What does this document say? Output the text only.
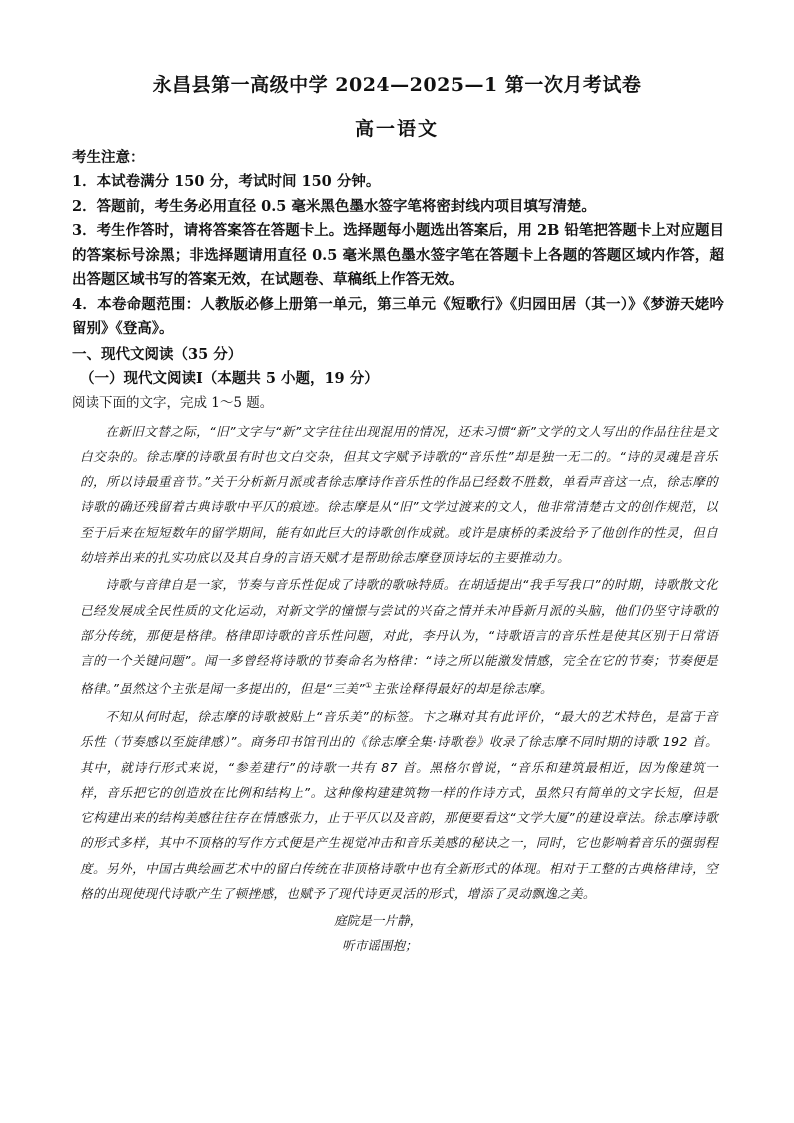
永昌县第一高级中学 2024—2025—1 第一次月考试卷
高一语文
考生注意：
1．本试卷满分 150 分，考试时间 150 分钟。
2．答题前，考生务必用直径 0.5 毫米黑色墨水签字笔将密封线内项目填写清楚。
3．考生作答时，请将答案答在答题卡上。选择题每小题选出答案后，用 2B 铅笔把答题卡上对应题目的答案标号涂黑；非选择题请用直径 0.5 毫米黑色墨水签字笔在答题卡上各题的答题区域内作答，超出答题区域书写的答案无效，在试题卷、草稿纸上作答无效。
4．本卷命题范围：人教版必修上册第一单元，第三单元《短歌行》《归园田居（其一）》《梦游天姥吟留别》《登高》。
一、现代文阅读（35 分）
（一）现代文阅读Ⅰ（本题共 5 小题，19 分）
阅读下面的文字，完成 1～5 题。

在新旧文替之际，“旧”文字与“新”文字往往出现混用的情况，还未习惯“新”文学的文人写出的作品往往是文白交杂的。徐志摩的诗歌虽有时也文白交杂，但其文字赋予诗歌的“音乐性”却是独一无二的。“诗的灵魂是音乐的，所以诗最重音节。”关于分析新月派或者徐志摩诗作音乐性的作品已经数不胜数，单看声音这一点，徐志摩的诗歌的确还残留着古典诗歌中平仄的痕迹。徐志摩是从“旧”文学过渡来的文人，他非常清楚古文的创作规范，以至于后来在短短数年的留学期间，能有如此巨大的诗歌创作成就。或许是康桥的柔波给予了他创作的性灵，但自幼培养出来的扎实功底以及其自身的言语天赋才是帮助徐志摩登顶诗坛的主要推动力。

诗歌与音律自是一家，节奏与音乐性促成了诗歌的歌咏特质。在胡适提出“我手写我口”的时期，诗歌散文化已经发展成全民性质的文化运动，对新文学的憧憬与尝试的兴奋之情并未冲昏新月派的头脑，他们仍坚守诗歌的部分传统，那便是格律。格律即诗歌的音乐性问题，对此，李丹认为，“诗歌语言的音乐性是使其区别于日常语言的一个关键问题”。闻一多曾经将诗歌的节奏命名为格律：“诗之所以能激发情感，完全在它的节奏；节奏便是格律。”虽然这个主张是闻一多提出的，但是“三美”①主张诠释得最好的却是徐志摩。

不知从何时起，徐志摩的诗歌被贴上“音乐美”的标签。卞之琳对其有此评价，“最大的艺术特色，是富于音乐性（节奏感以至旋律感）”。商务印书馆刊出的《徐志摩全集·诗歌卷》收录了徐志摩不同时期的诗歌 192 首。其中，就诗行形式来说，“参差建行”的诗歌一共有 87 首。黑格尔曾说，“音乐和建筑最相近，因为像建筑一样，音乐把它的创造放在比例和结构上”。这种像构建建筑物一样的作诗方式，虽然只有简单的文字长短，但是它构建出来的结构美感往往存在情感张力，止于平仄以及音韵，那便要看这“文学大厦”的建设章法。徐志摩诗歌的形式多样，其中不顶格的写作方式便是产生视觉冲击和音乐美感的秘诀之一，同时，它也影响着音乐的强弱程度。另外，中国古典绘画艺术中的留白传统在非顶格诗歌中也有全新形式的体现。相对于工整的古典格律诗，空格的出现使现代诗歌产生了顿挫感，也赋予了现代诗更灵活的形式，增添了灵动飘逸之美。

庭院是一片静，
听市谣围抱；
